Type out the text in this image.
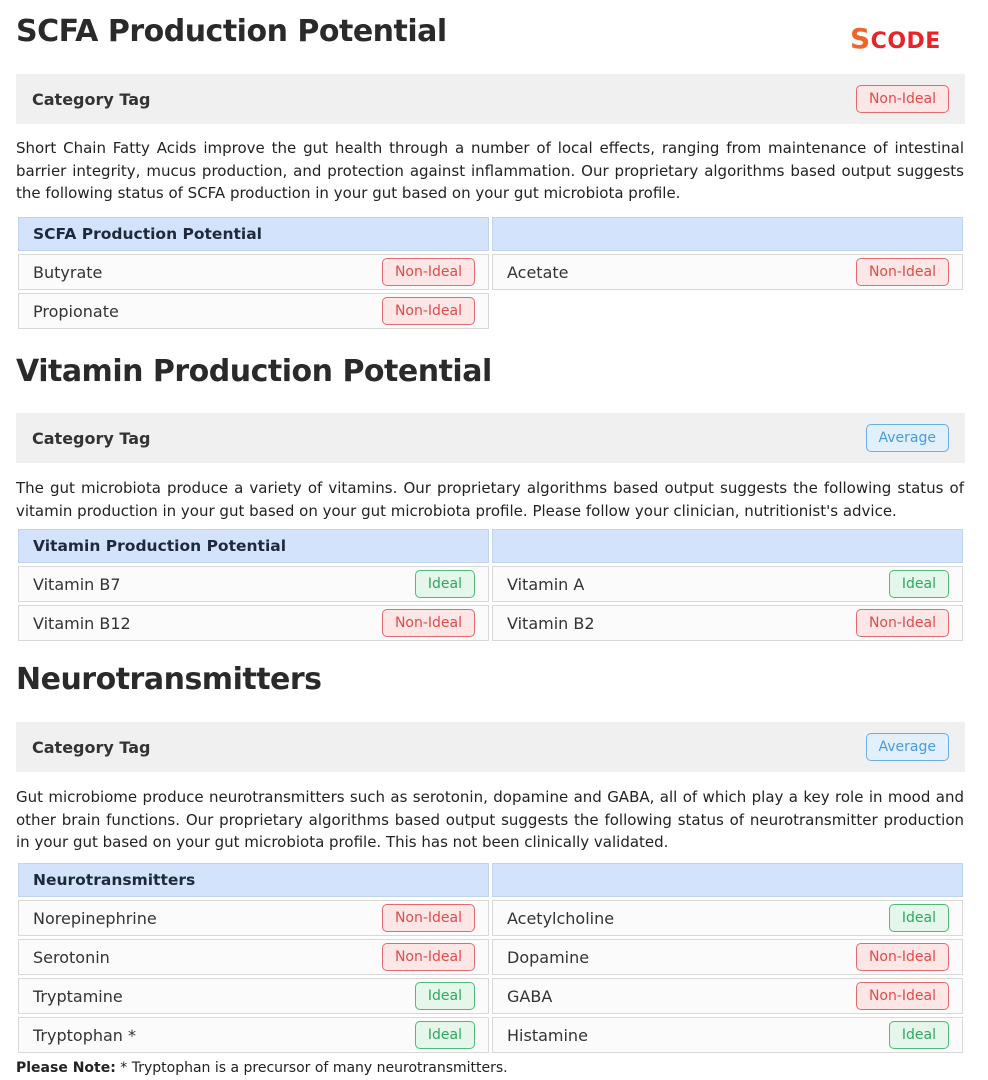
SCODE
SCFA Production Potential
Category Tag	Non-Ideal
Short Chain Fatty Acids improve the gut health through a number of local effects, ranging from maintenance of intestinal barrier integrity, mucus production, and protection against inflammation. Our proprietary algorithms based output suggests the following status of SCFA production in your gut based on your gut microbiota profile.
SCFA Production Potential
Butyrate	Non-Ideal	Acetate	Non-Ideal
Propionate	Non-Ideal
Vitamin Production Potential
Category Tag	Average
The gut microbiota produce a variety of vitamins. Our proprietary algorithms based output suggests the following status of vitamin production in your gut based on your gut microbiota profile. Please follow your clinician, nutritionist's advice.
Vitamin Production Potential
Vitamin B7	Ideal	Vitamin A	Ideal
Vitamin B12	Non-Ideal	Vitamin B2	Non-Ideal
Neurotransmitters
Category Tag	Average
Gut microbiome produce neurotransmitters such as serotonin, dopamine and GABA, all of which play a key role in mood and other brain functions. Our proprietary algorithms based output suggests the following status of neurotransmitter production in your gut based on your gut microbiota profile. This has not been clinically validated.
Neurotransmitters
Norepinephrine	Non-Ideal	Acetylcholine	Ideal
Serotonin	Non-Ideal	Dopamine	Non-Ideal
Tryptamine	Ideal	GABA	Non-Ideal
Tryptophan *	Ideal	Histamine	Ideal
Please Note: * Tryptophan is a precursor of many neurotransmitters.
